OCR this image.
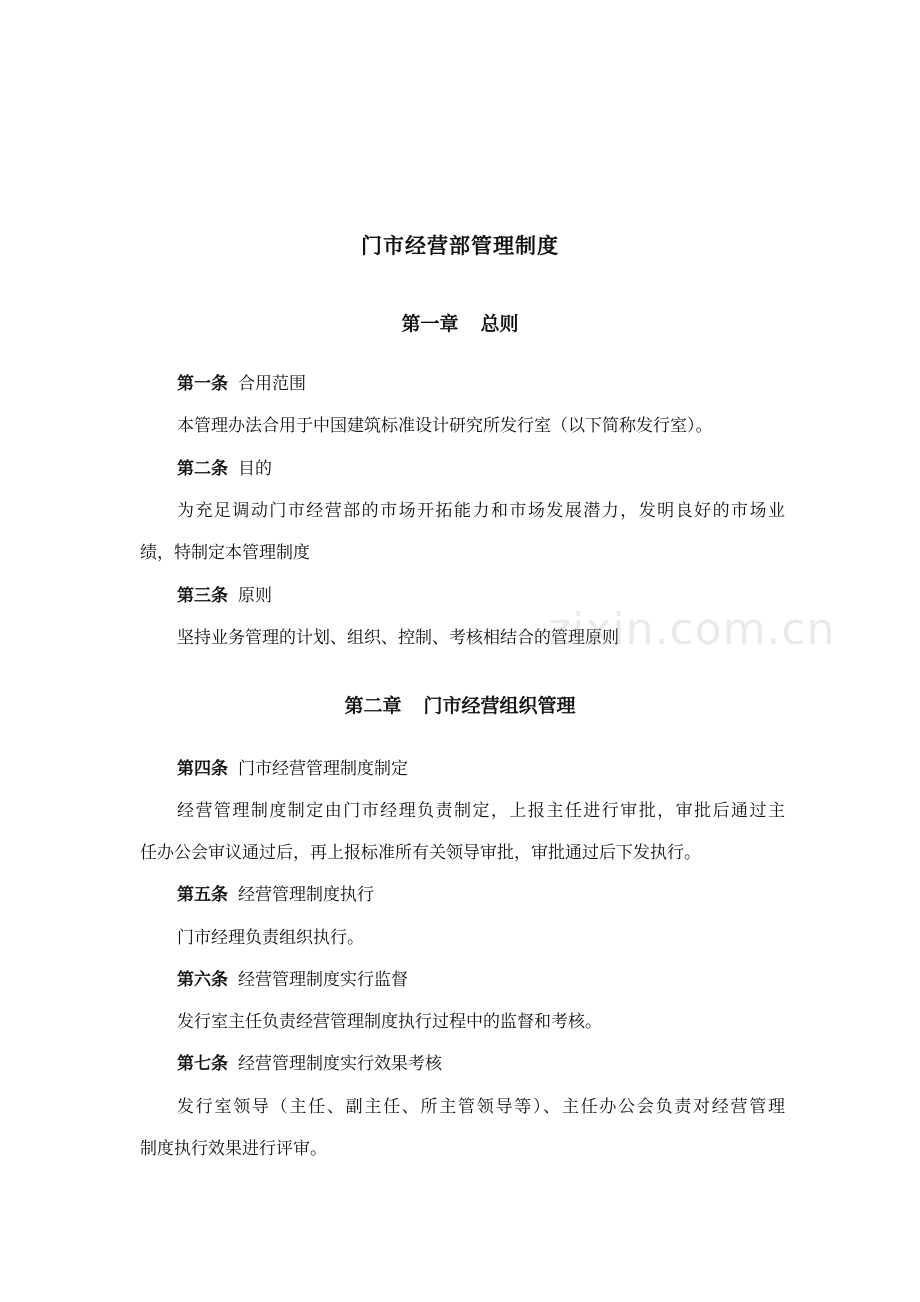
门市经营部管理制度
第一章 总则
第一条 合用范围
本管理办法合用于中国建筑标准设计研究所发行室（以下简称发行室）。
第二条 目的
为充足调动门市经营部的市场开拓能力和市场发展潜力，发明良好的市场业
绩，特制定本管理制度
第三条 原则
坚持业务管理的计划、组织、控制、考核相结合的管理原则
第二章 门市经营组织管理
第四条 门市经营管理制度制定
经营管理制度制定由门市经理负责制定，上报主任进行审批，审批后通过主
任办公会审议通过后，再上报标准所有关领导审批，审批通过后下发执行。
第五条 经营管理制度执行
门市经理负责组织执行。
第六条 经营管理制度实行监督
发行室主任负责经营管理制度执行过程中的监督和考核。
第七条 经营管理制度实行效果考核
发行室领导（主任、副主任、所主管领导等）、主任办公会负责对经营管理
制度执行效果进行评审。
zixin.com.cn
